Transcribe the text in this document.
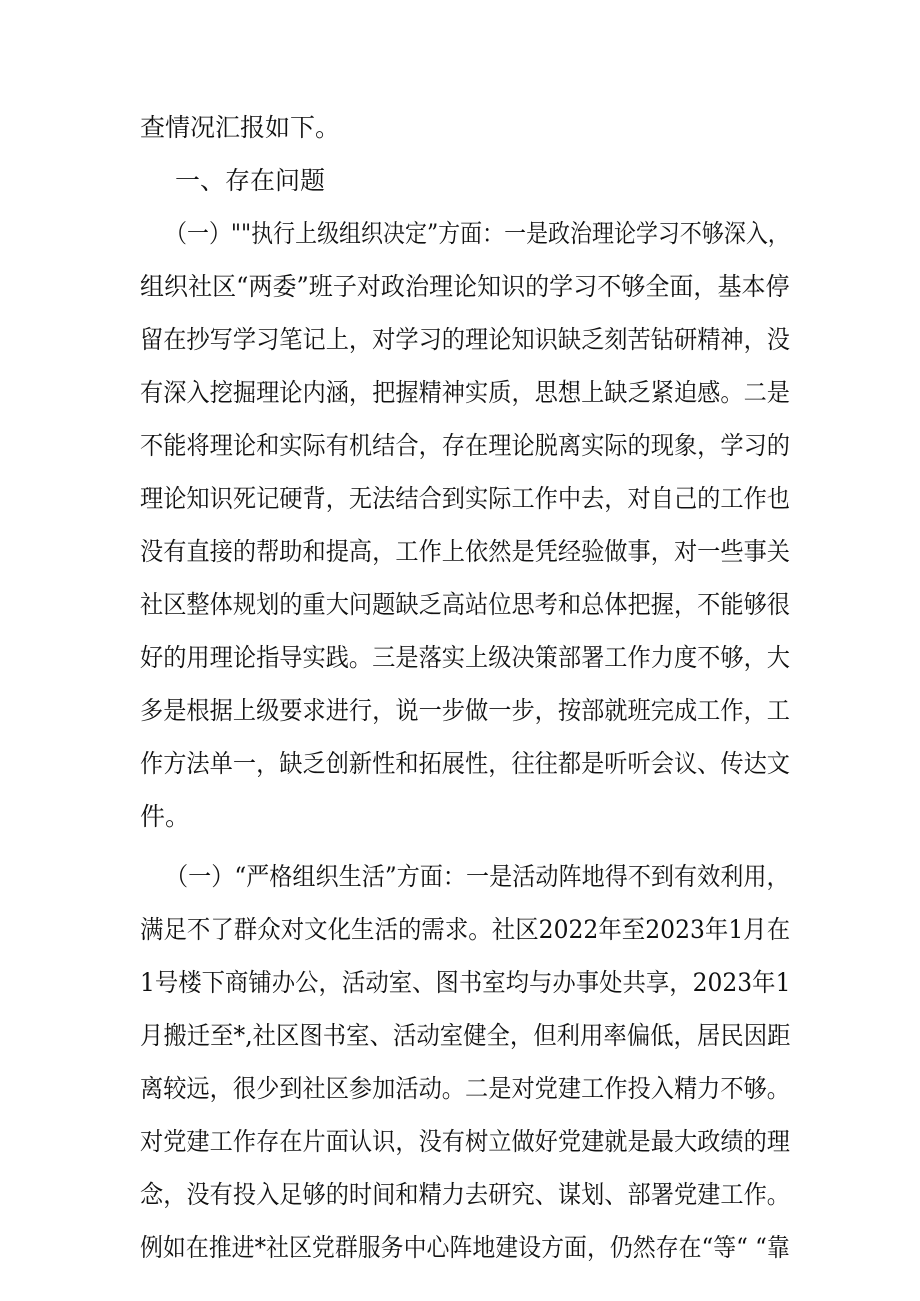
查情况汇报如下。
一、存在问题
（一）""执行上级组织决定”方面：一是政治理论学习不够深入，
组织社区“两委”班子对政治理论知识的学习不够全面，基本停
留在抄写学习笔记上，对学习的理论知识缺乏刻苦钻研精神，没
有深入挖掘理论内涵，把握精神实质，思想上缺乏紧迫感。二是
不能将理论和实际有机结合，存在理论脱离实际的现象，学习的
理论知识死记硬背，无法结合到实际工作中去，对自己的工作也
没有直接的帮助和提高，工作上依然是凭经验做事，对一些事关
社区整体规划的重大问题缺乏高站位思考和总体把握，不能够很
好的用理论指导实践。三是落实上级决策部署工作力度不够，大
多是根据上级要求进行，说一步做一步，按部就班完成工作，工
作方法单一，缺乏创新性和拓展性，往往都是听听会议、传达文
件。
（一）“严格组织生活”方面：一是活动阵地得不到有效利用，
满足不了群众对文化生活的需求。社区2022年至2023年1月在
1号楼下商铺办公，活动室、图书室均与办事处共享，2023年1
月搬迁至*,社区图书室、活动室健全，但利用率偏低，居民因距
离较远，很少到社区参加活动。二是对党建工作投入精力不够。
对党建工作存在片面认识，没有树立做好党建就是最大政绩的理
念，没有投入足够的时间和精力去研究、谋划、部署党建工作。
例如在推进*社区党群服务中心阵地建设方面，仍然存在“等“ “靠
